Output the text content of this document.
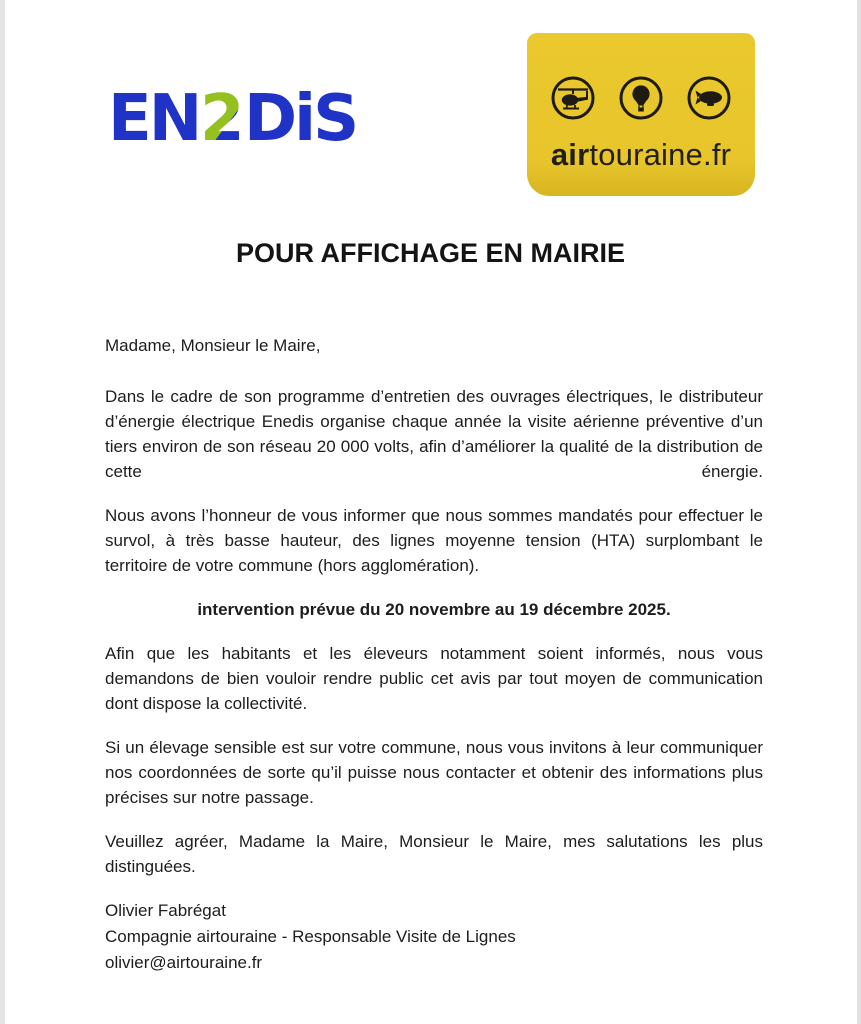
EN 2 DiS	airtouraine.fr
POUR AFFICHAGE EN MAIRIE

Madame, Monsieur le Maire,

Dans le cadre de son programme d’entretien des ouvrages électriques, le distributeur d’énergie électrique Enedis organise chaque année la visite aérienne préventive d’un tiers environ de son réseau 20 000 volts, afin d’améliorer la qualité de la distribution de cette énergie.

Nous avons l’honneur de vous informer que nous sommes mandatés pour effectuer le survol, à très basse hauteur, des lignes moyenne tension (HTA) surplombant le territoire de votre commune (hors agglomération).

intervention prévue du 20 novembre au 19 décembre 2025.

Afin que les habitants et les éleveurs notamment soient informés, nous vous demandons de bien vouloir rendre public cet avis par tout moyen de communication dont dispose la collectivité.

Si un élevage sensible est sur votre commune, nous vous invitons à leur communiquer nos coordonnées de sorte qu’il puisse nous contacter et obtenir des informations plus précises sur notre passage.

Veuillez agréer, Madame la Maire, Monsieur le Maire, mes salutations les plus distinguées.

Olivier Fabrégat
Compagnie airtouraine - Responsable Visite de Lignes
olivier@airtouraine.fr
